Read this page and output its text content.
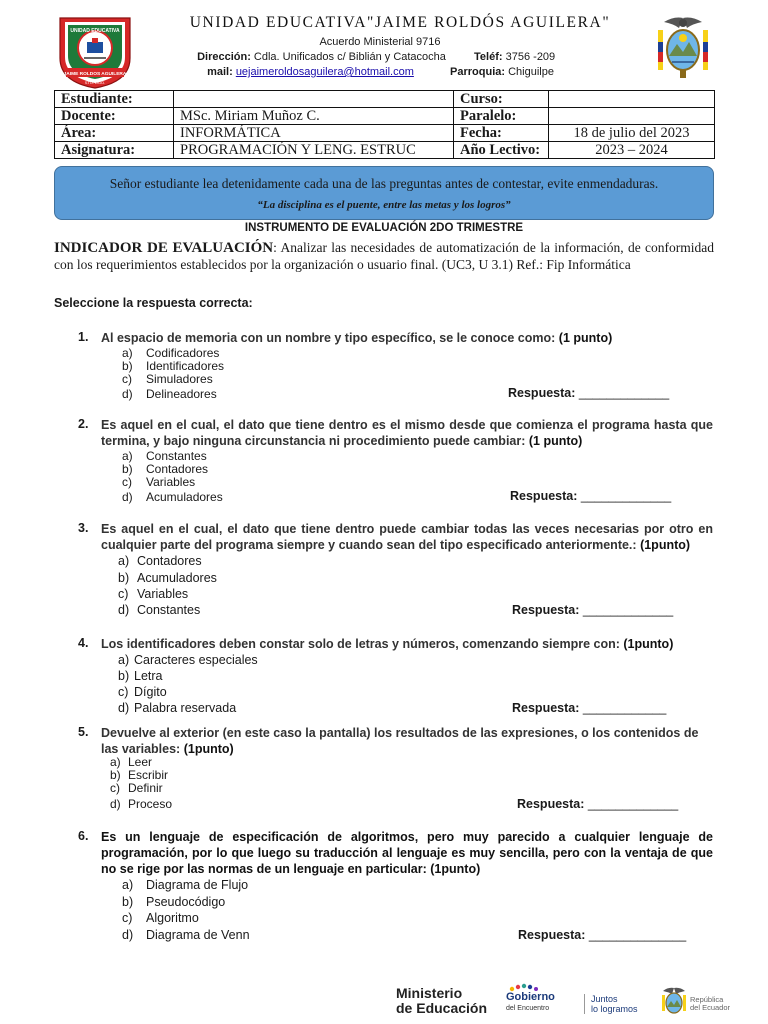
UNIDAD EDUCATIVA
JAIME ROLDOS AGUILERA
STO. DGO.
UNIDAD EDUCATIVA"JAIME ROLDÓS AGUILERA"
Acuerdo Ministerial 9716
Dirección: Cdla. Unificados c/ Biblián y Catacocha	Teléf: 3756 -209
mail: uejaimeroldosaguilera@hotmail.com	Parroquia: Chiguilpe
Estudiante:		Curso:	
Docente:	MSc. Miriam Muñoz C.	Paralelo:	
Área:	INFORMÁTICA	Fecha:	18 de julio del 2023
Asignatura:	PROGRAMACIÓN Y LENG. ESTRUC	Año Lectivo:	2023 – 2024
Señor estudiante lea detenidamente cada una de las preguntas antes de contestar, evite enmendaduras.
“La disciplina es el puente, entre las metas y los logros”
INSTRUMENTO DE EVALUACIÓN 2DO TRIMESTRE
INDICADOR DE EVALUACIÓN: Analizar las necesidades de automatización de la información, de conformidad con los requerimientos establecidos por la organización o usuario final. (UC3, U 3.1) Ref.: Fip Informática
Seleccione la respuesta correcta:
1. Al espacio de memoria con un nombre y tipo específico, se le conoce como: (1 punto)
a) Codificadores
b) Identificadores
c) Simuladores
d) Delineadores	Respuesta: _____________
2. Es aquel en el cual, el dato que tiene dentro es el mismo desde que comienza el programa hasta que termina, y bajo ninguna circunstancia ni procedimiento puede cambiar: (1 punto)
a) Constantes
b) Contadores
c) Variables
d) Acumuladores	Respuesta: _____________
3. Es aquel en el cual, el dato que tiene dentro puede cambiar todas las veces necesarias por otro en cualquier parte del programa siempre y cuando sean del tipo especificado anteriormente.: (1punto)
a) Contadores
b) Acumuladores
c) Variables
d) Constantes	Respuesta: _____________
4. Los identificadores deben constar solo de letras y números, comenzando siempre con: (1punto)
a) Caracteres especiales
b) Letra
c) Dígito
d) Palabra reservada	Respuesta: ____________
5. Devuelve al exterior (en este caso la pantalla) los resultados de las expresiones, o los contenidos de las variables: (1punto)
a) Leer
b) Escribir
c) Definir
d) Proceso	Respuesta: _____________
6. Es un lenguaje de especificación de algoritmos, pero muy parecido a cualquier lenguaje de programación, por lo que luego su traducción al lenguaje es muy sencilla, pero con la ventaja de que no se rige por las normas de un lenguaje en particular: (1punto)
a) Diagrama de Flujo
b) Pseudocódigo
c) Algoritmo
d) Diagrama de Venn	Respuesta: ______________
Ministerio
de Educación
Gobierno
del Encuentro
Juntos
lo logramos
República
del Ecuador
